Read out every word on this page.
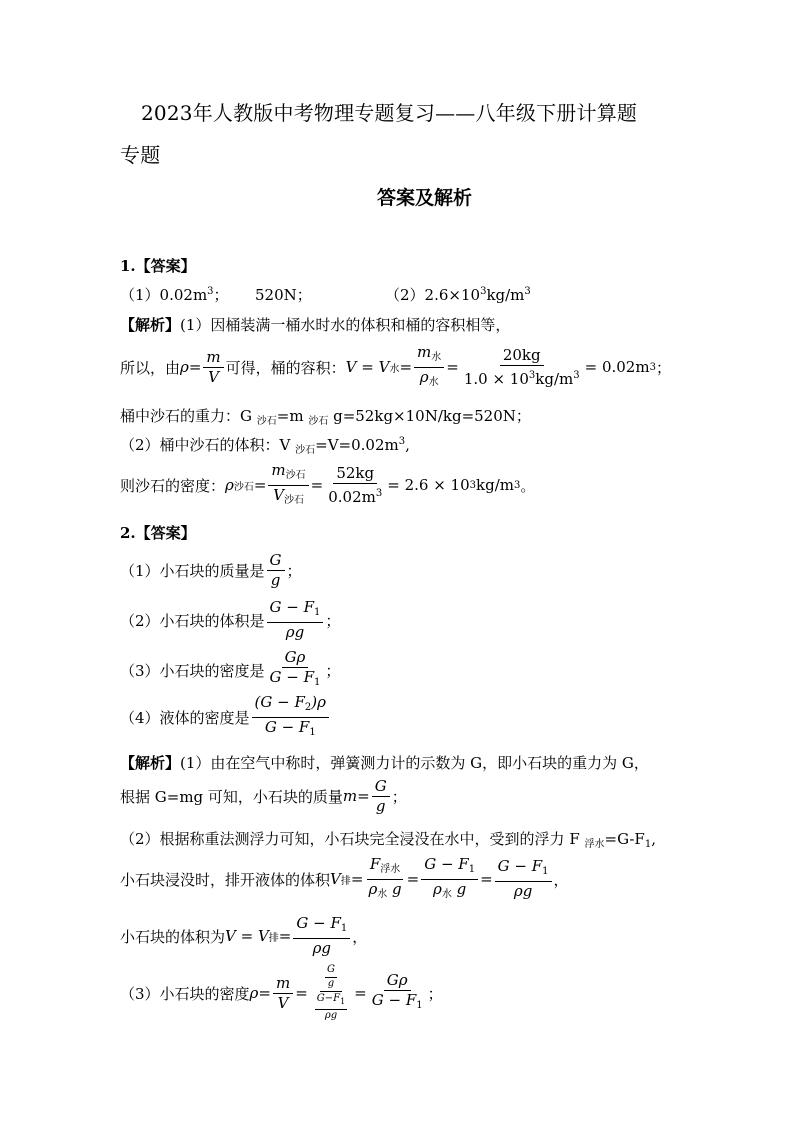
2023年人教版中考物理专题复习——八年级下册计算题
专题
答案及解析
1.【答案】
$(1)0.02m^3$； 520N；	$(2)2.6\times 10^3kg/m^3$
【解析】(1）因桶装满一桶水时水的体积和桶的容积相等，
所以，由 $\rho = \frac{m}{V}$ 可得，桶的容积： V = V 水 = $\frac{m_水}{\rho_水} = \frac{20kg}{1.0 \times 10^3kg/m^3} = 0.02m$ 3 ；
桶中沙石的重力：G $_{沙石}$=m $_{沙石}$ g=52kg×10N/kg=520N；
（2）桶中沙石的体积：V $_{沙石}=V=0.02m^3$,
则沙石的密度： ρ 沙石 = $\frac{m_{沙石}}{V_{沙石}} = \frac{52kg}{0.02m^3} = 2.6 \times 10$ 3 kg/m 3 。
2.【答案】
（1）小石块的质量是 $\frac{G}{g}$ ；
（2）小石块的体积是 $\frac{G - F_1}{\rho g}$ ；
（3）小石块的密度是 $\frac{G\rho}{G - F_1}$ ；
（4）液体的密度是 $\frac{(G - F_2)\rho}{G - F_1}$
【解析】(1）由在空气中称时，弹簧测力计的示数为 G，即小石块的重力为 G，
根据 G=mg 可知，小石块的质量 $m = \frac{G}{g}$ ；
（2）根据称重法测浮力可知，小石块完全浸没在水中，受到的浮力 F $_{浮水}=G-F_1$,
小石块浸没时，排开液体的体积 V 排 = $\frac{F_{浮水}}{\rho_水 g} = \frac{G - F_1}{\rho_水 g} = \frac{G - F_1}{\rho g}$ ，
小石块的体积为 V = V 排 = $\frac{G - F_1}{\rho g}$ ，
（3）小石块的密度 $\rho = \frac{m}{V} = \frac{\frac{G}{g}}{\frac{G-F_1}{\rho g}} = \frac{G\rho}{G - F_1}$ ；
